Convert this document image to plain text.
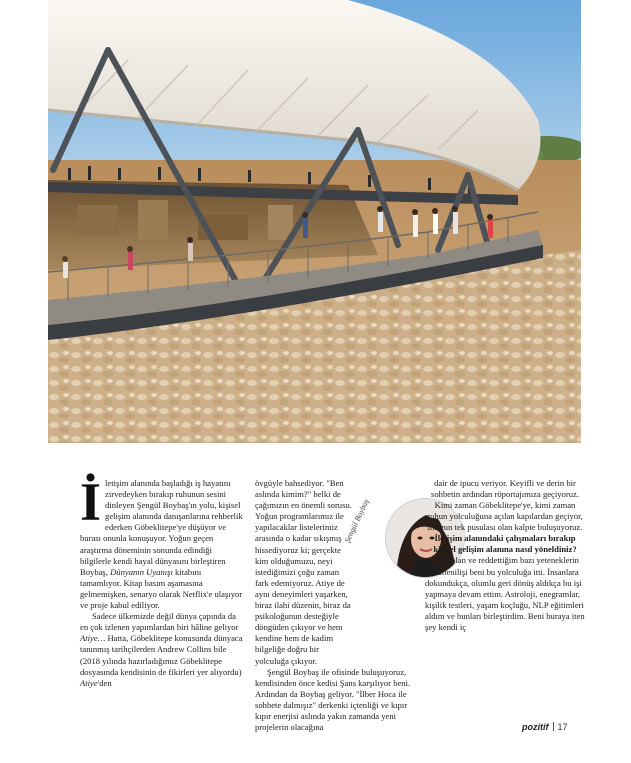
İletişim alanında başladığı iş hayatını zirvedeyken bırakıp ruhunun sesini dinleyen Şengül Boybaş'ın yolu, kişisel gelişim alanında danışanlarına rehberlik ederken Göbeklitepe'ye düşüyor ve burası onunla konuşuyor. Yoğun geçen araştırma döneminin sonunda edindiği bilgilerle kendi hayal dünyasını birleştiren Boybaş, Dünyanın Uyanışı kitabını tamamlıyor. Kitap basım aşamasına gelmemişken, senaryo olarak Netflix'e ulaşıyor ve proje kabul ediliyor.

Sadece ülkemizde değil dünya çapında da en çok izlenen yapımlardan biri hâline geliyor Atiye… Hatta, Göbeklitepe konusunda dünyaca tanınmış tarihçilerden Andrew Collins bile (2018 yılında hazırladığımız Göbeklitepe dosyasında kendisinin de fikirleri yer alıyordu) Atiye'den

övgüyle bahsediyor. "Ben aslında kimim?" belki de çağımızın en önemli sorusu. Yoğun programlarımız ile yapılacaklar listelerimiz arasında o kadar sıkışmış hissediyoruz ki; gerçekte kim olduğumuzu, neyi istediğimizi çoğu zaman fark edemiyoruz. Atiye de aynı deneyimleri yaşarken, biraz ilahi düzenin, biraz da psikoloğunun desteğiyle döngüden çıkıyor ve hem kendine hem de kadim bilgeliğe doğru bir yolculuğa çıkıyor.

Şengül Boybaş ile ofisinde buluşuyoruz, kendisinden önce kedisi Şans karşılıyor beni. Ardından da Boybaş geliyor. "İlber Hoca ile sohbete dalmışız" derkenki içtenliği ve kıpır kıpır enerjisi aslında yakın zamanda yeni projelerin olacağına

Şengül Boybaş

dair de ipucu veriyor. Keyifli ve derin bir sohbetin ardından röportajımıza geçiyoruz. Kimi zaman Göbeklitepe'ye, kimi zaman ruhun yolculuğuna açılan kapılardan geçiyor, insanın tek pusulası olan kalpte buluşuyoruz.

İletişim alanındaki çalışmaları bırakıp kişisel gelişim alanına nasıl yöneldiniz?

Var olan ve reddettiğim bazı yeteneklerin kabullenilişi beni bu yolculuğa itti. İnsanlara dokundukça, olumlu geri dönüş aldıkça bu işi yapmaya devam ettim. Astroloji, enegramlar, kişilik testleri, yaşam koçluğu, NLP eğitimleri aldım ve bunları birleştirdim. Beni buraya iten şey kendi iç

pozitif 17
